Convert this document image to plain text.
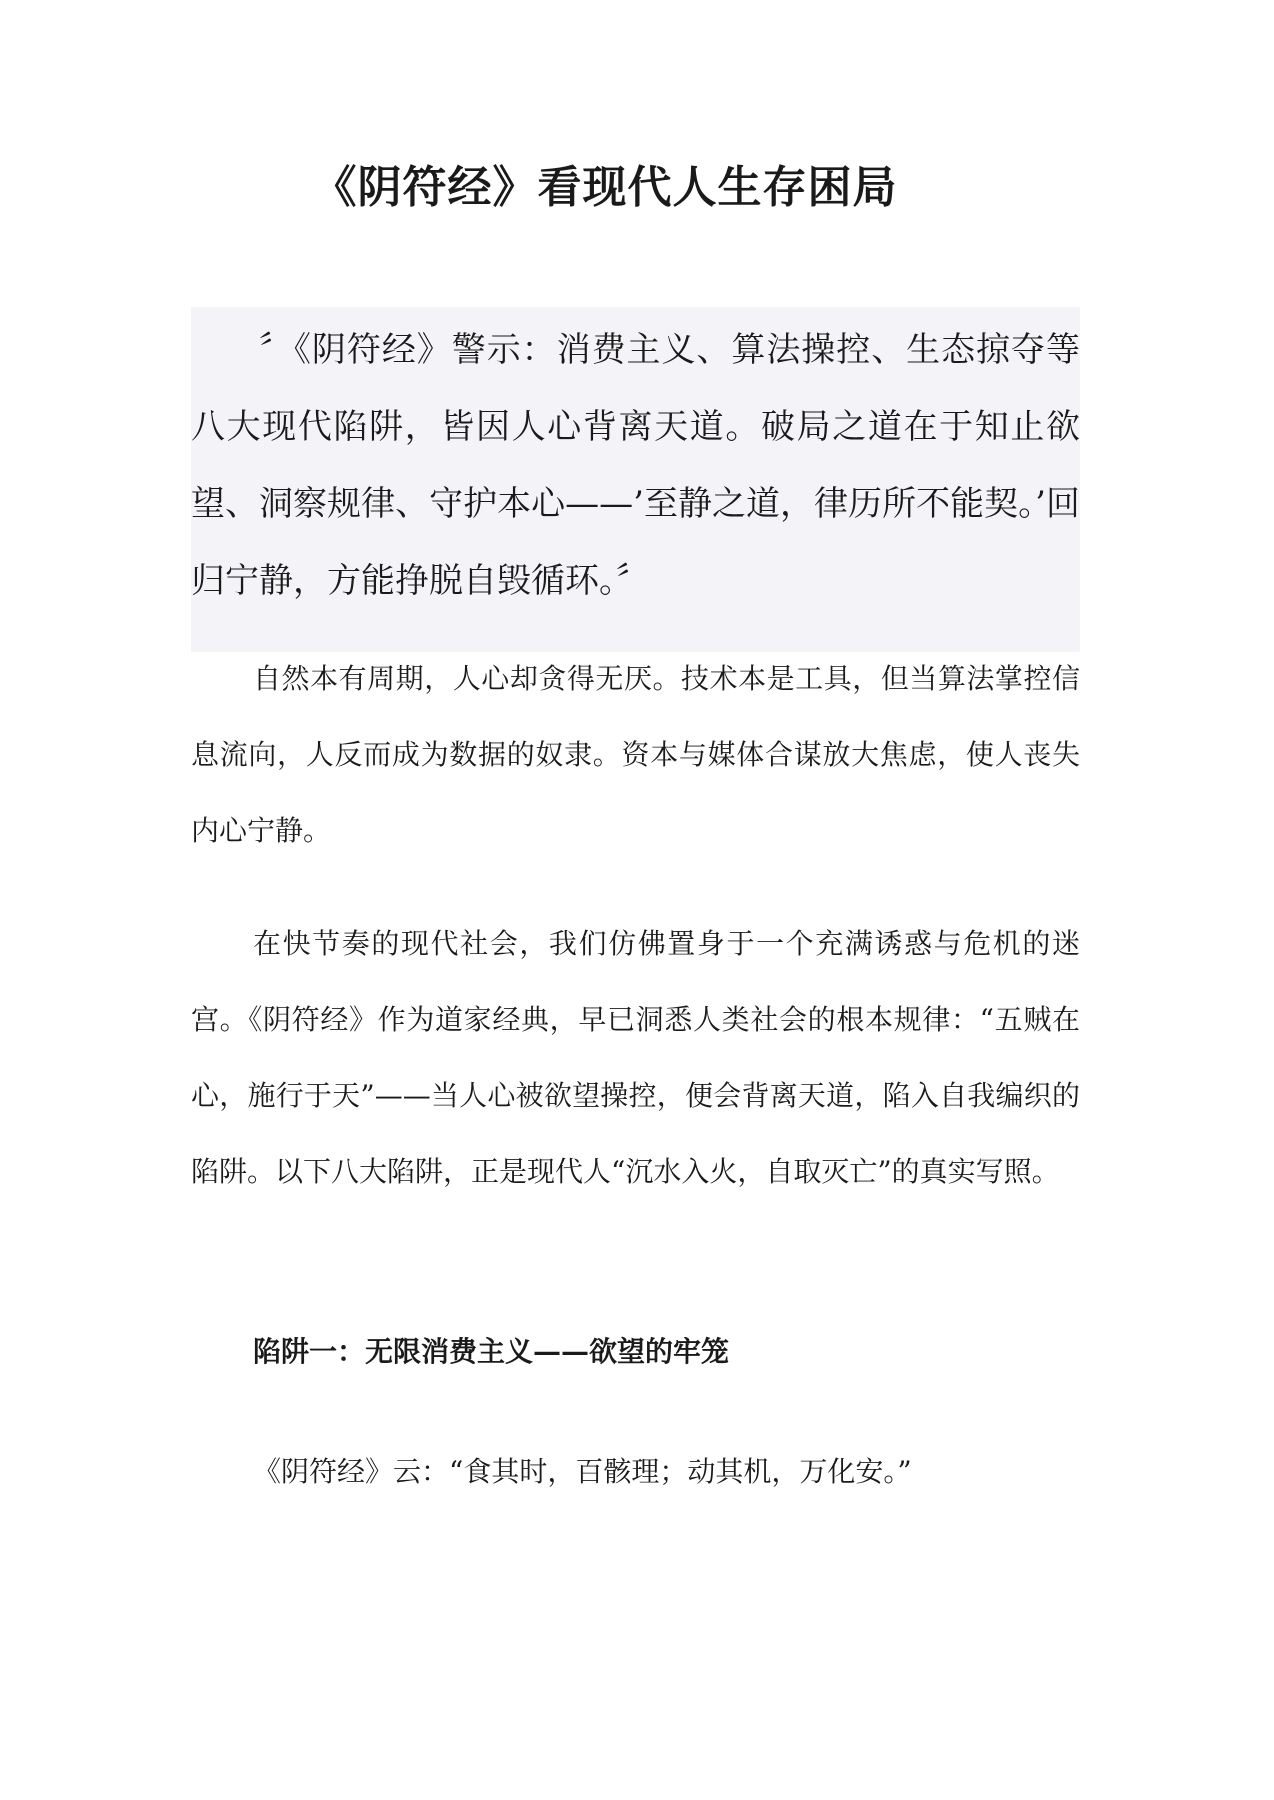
《阴符经》看现代人生存困局

〞《阴符经》警示：消费主义、算法操控、生态掠夺等八大现代陷阱，皆因人心背离天道。破局之道在于知止欲望、洞察规律、守护本心——’至静之道，律历所不能契。’回归宁静，方能挣脱自毁循环。〞

自然本有周期，人心却贪得无厌。技术本是工具，但当算法掌控信息流向，人反而成为数据的奴隶。资本与媒体合谋放大焦虑，使人丧失内心宁静。

在快节奏的现代社会，我们仿佛置身于一个充满诱惑与危机的迷宫。《阴符经》作为道家经典，早已洞悉人类社会的根本规律：“五贼在心，施行于天”——当人心被欲望操控，便会背离天道，陷入自我编织的陷阱。以下八大陷阱，正是现代人“沉水入火，自取灭亡”的真实写照。

陷阱一：无限消费主义——欲望的牢笼
《阴符经》云：“食其时，百骸理；动其机，万化安。”
